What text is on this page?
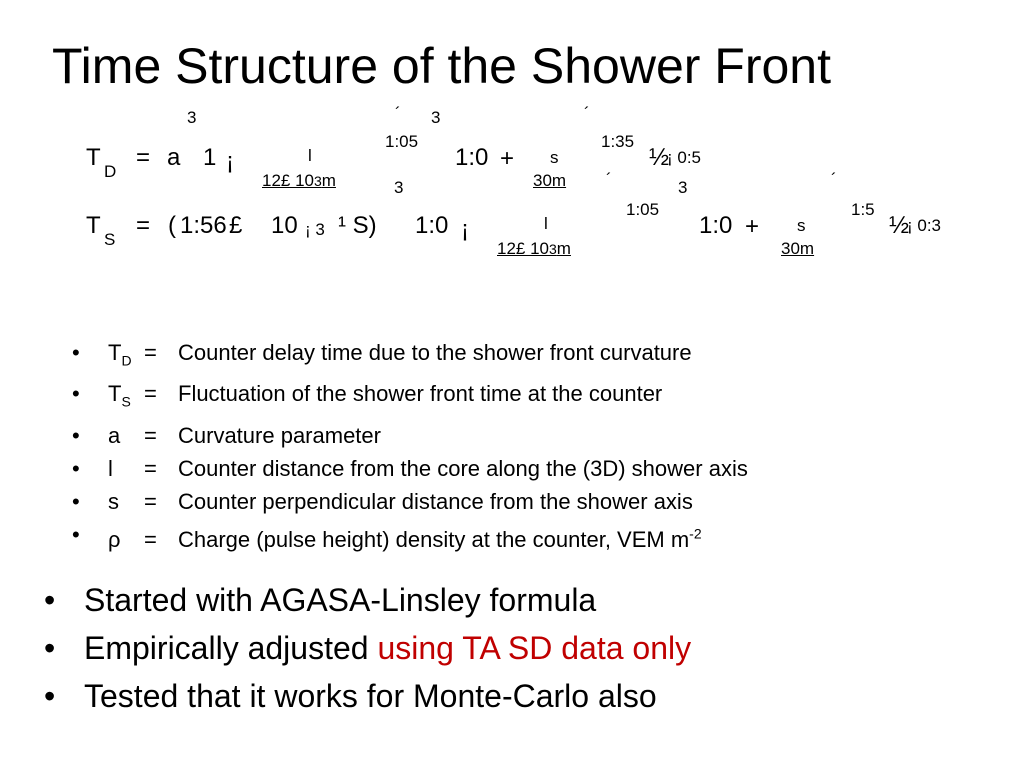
Time Structure of the Shower Front
3	´ 3	´
1:05	1:35
T
D
= a 1 ¡	l
12£ 103m
1:0 + s
30m
½
¡ 0:5
´	3
3	´
1:05	1:5
T
S
= ( 1:56 £ 10 ¡ 3 ¹ S) 1:0 ¡	l
12£ 103m
1:0 + s
30m
½
¡ 0:3
• $T_D$ = Counter delay time due to the shower front curvature
• $T_S$ = Fluctuation of the shower front time at the counter
• a = Curvature parameter
• l = Counter distance from the core along the (3D) shower axis
• s = Counter perpendicular distance from the shower axis
• ρ = Charge (pulse height) density at the counter, VEM $m^{-2}$
• Started with AGASA-Linsley formula
• Empirically adjusted using TA SD data only
• Tested that it works for Monte-Carlo also
